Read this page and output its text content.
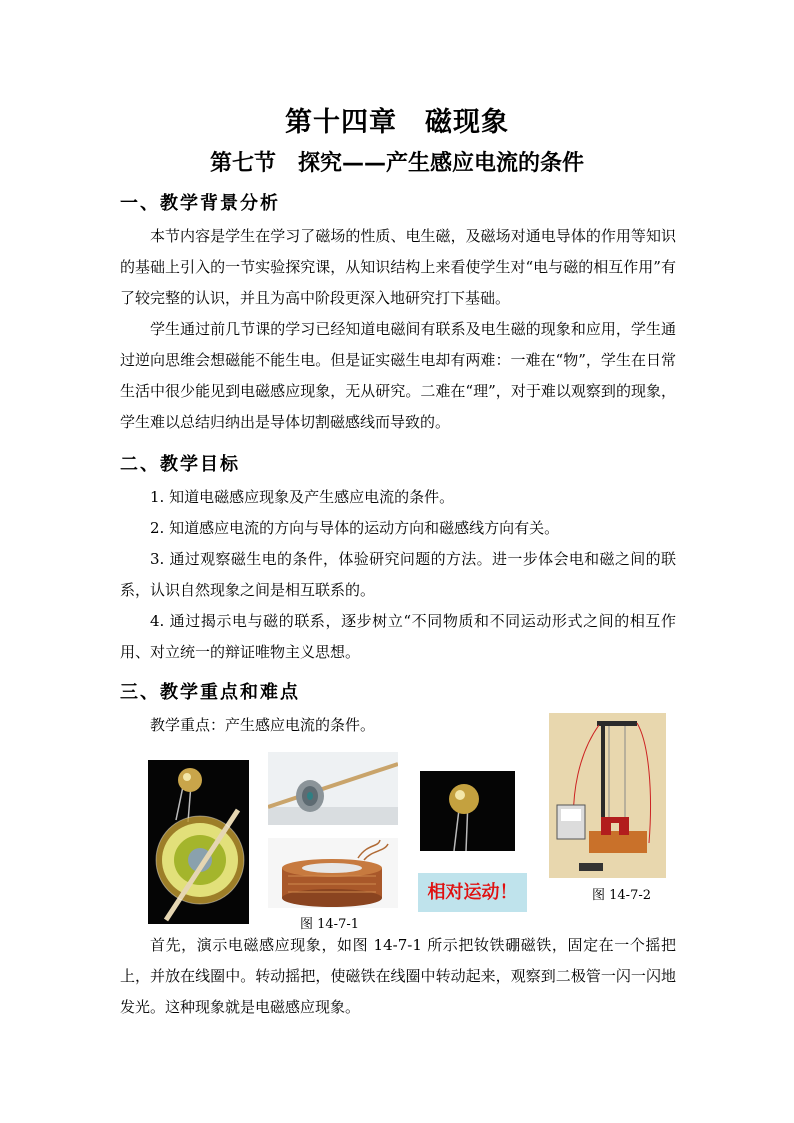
第十四章　磁现象
第七节　探究——产生感应电流的条件
一、教学背景分析
本节内容是学生在学习了磁场的性质、电生磁，及磁场对通电导体的作用等知识的基础上引入的一节实验探究课，从知识结构上来看使学生对“电与磁的相互作用”有了较完整的认识，并且为高中阶段更深入地研究打下基础。
学生通过前几节课的学习已经知道电磁间有联系及电生磁的现象和应用，学生通过逆向思维会想磁能不能生电。但是证实磁生电却有两难：一难在“物”，学生在日常生活中很少能见到电磁感应现象，无从研究。二难在“理”，对于难以观察到的现象，学生难以总结归纳出是导体切割磁感线而导致的。
二、教学目标
1. 知道电磁感应现象及产生感应电流的条件。
2. 知道感应电流的方向与导体的运动方向和磁感线方向有关。
3. 通过观察磁生电的条件，体验研究问题的方法。进一步体会电和磁之间的联系，认识自然现象之间是相互联系的。
4. 通过揭示电与磁的联系，逐步树立“不同物质和不同运动形式之间的相互作用、对立统一的辩证唯物主义思想。
三、教学重点和难点
教学重点：产生感应电流的条件。
相对运动！	图 14-7-2
图 14-7-1
首先，演示电磁感应现象，如图 14-7-1 所示把钕铁硼磁铁，固定在一个摇把上，并放在线圈中。转动摇把，使磁铁在线圈中转动起来，观察到二极管一闪一闪地发光。这种现象就是电磁感应现象。
